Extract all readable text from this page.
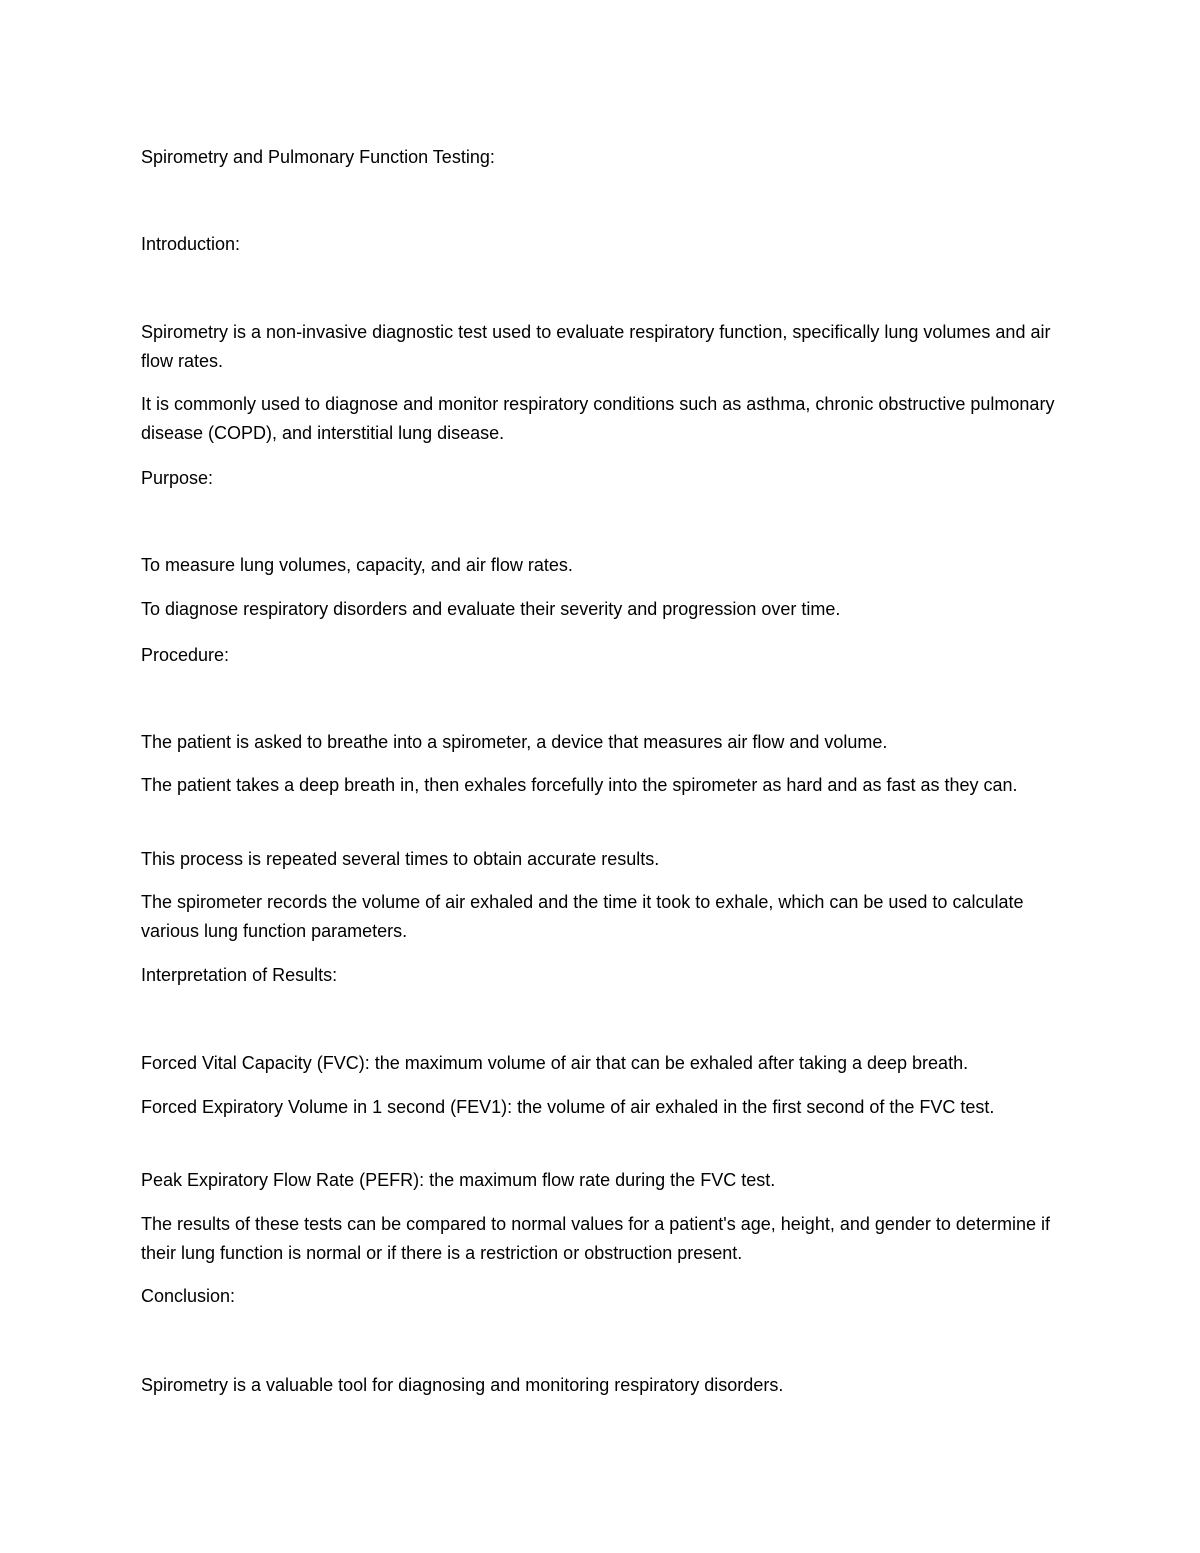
Spirometry and Pulmonary Function Testing:

Introduction:

Spirometry is a non-invasive diagnostic test used to evaluate respiratory function, specifically lung volumes and air flow rates.

It is commonly used to diagnose and monitor respiratory conditions such as asthma, chronic obstructive pulmonary disease (COPD), and interstitial lung disease.

Purpose:

To measure lung volumes, capacity, and air flow rates.

To diagnose respiratory disorders and evaluate their severity and progression over time.

Procedure:

The patient is asked to breathe into a spirometer, a device that measures air flow and volume.

The patient takes a deep breath in, then exhales forcefully into the spirometer as hard and as fast as they can.

This process is repeated several times to obtain accurate results.

The spirometer records the volume of air exhaled and the time it took to exhale, which can be used to calculate various lung function parameters.

Interpretation of Results:

Forced Vital Capacity (FVC): the maximum volume of air that can be exhaled after taking a deep breath.

Forced Expiratory Volume in 1 second (FEV1): the volume of air exhaled in the first second of the FVC test.

Peak Expiratory Flow Rate (PEFR): the maximum flow rate during the FVC test.

The results of these tests can be compared to normal values for a patient's age, height, and gender to determine if their lung function is normal or if there is a restriction or obstruction present.

Conclusion:

Spirometry is a valuable tool for diagnosing and monitoring respiratory disorders.
